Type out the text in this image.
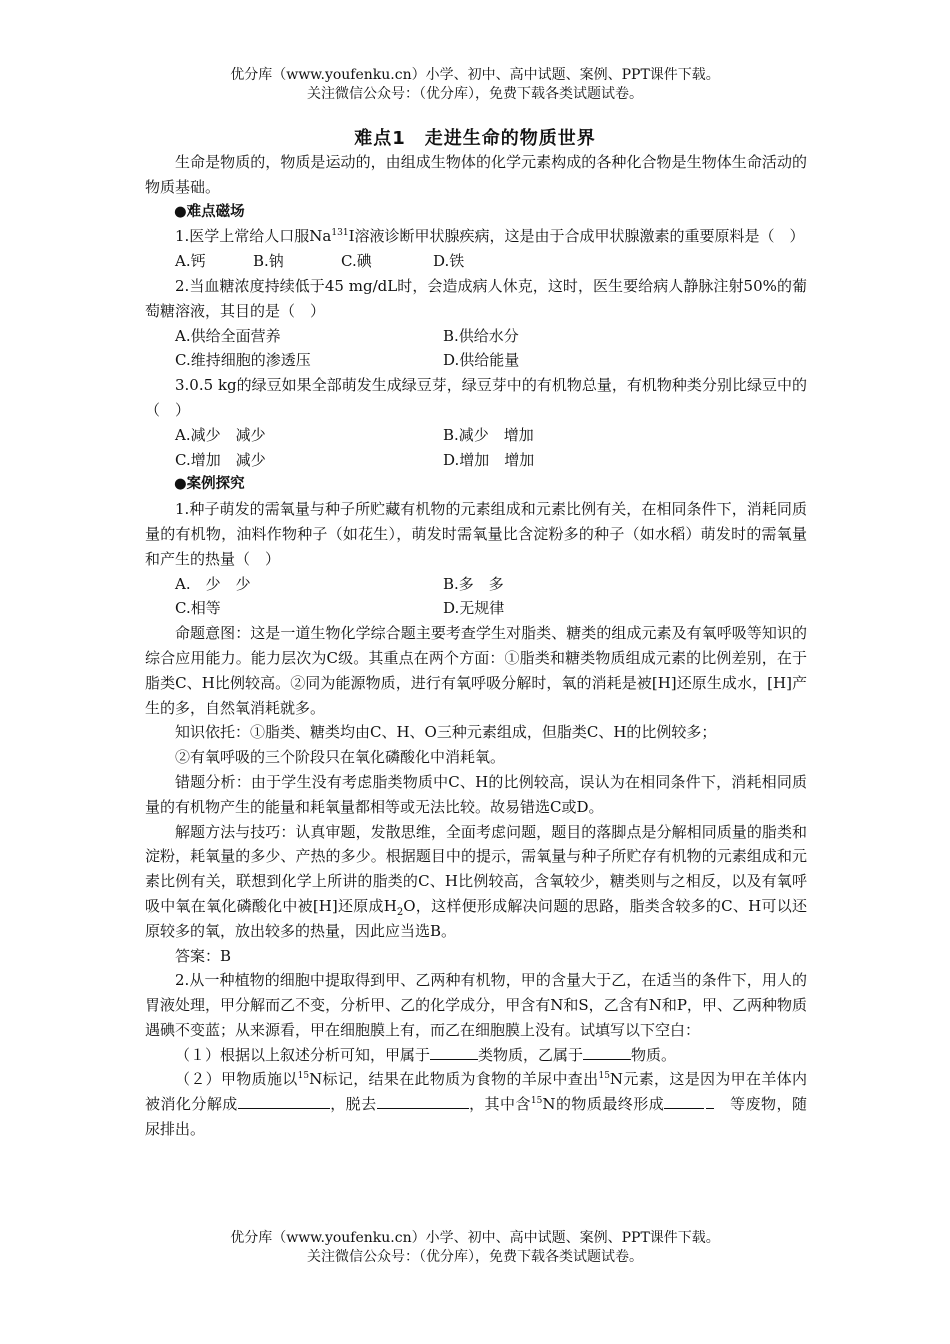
优分库（www.youfenku.cn）小学、初中、高中试题、案例、PPT课件下载。
关注微信公众号：（优分库），免费下载各类试题试卷。
难点1　走进生命的物质世界

生命是物质的，物质是运动的，由组成生物体的化学元素构成的各种化合物是生物体生命活动的物质基础。

●难点磁场

1.医学上常给人口服Na$^{131}$I溶液诊断甲状腺疾病，这是由于合成甲状腺激素的重要原料是（　）

A.钙	B.钠	C.碘	D.铁

2.当血糖浓度持续低于45 mg/dL时，会造成病人休克，这时，医生要给病人静脉注射50%的葡萄糖溶液，其目的是（　）

A.供给全面营养	B.供给水分
C.维持细胞的渗透压	D.供给能量

3.0.5 kg的绿豆如果全部萌发生成绿豆芽，绿豆芽中的有机物总量，有机物种类分别比绿豆中的（　）

A.减少　减少	B.减少　增加
C.增加　减少	D.增加　增加
●案例探究

1.种子萌发的需氧量与种子所贮藏有机物的元素组成和元素比例有关，在相同条件下，消耗同质量的有机物，油料作物种子（如花生），萌发时需氧量比含淀粉多的种子（如水稻）萌发时的需氧量和产生的热量（　）

A.　少　少	B.多　多
C.相等	D.无规律

命题意图：这是一道生物化学综合题主要考查学生对脂类、糖类的组成元素及有氧呼吸等知识的综合应用能力。能力层次为C级。其重点在两个方面：①脂类和糖类物质组成元素的比例差别，在于脂类C、H比例较高。②同为能源物质，进行有氧呼吸分解时，氧的消耗是被[H]还原生成水，[H]产生的多，自然氧消耗就多。

知识依托：①脂类、糖类均由C、H、O三种元素组成，但脂类C、H的比例较多；

②有氧呼吸的三个阶段只在氧化磷酸化中消耗氧。

错题分析：由于学生没有考虑脂类物质中C、H的比例较高，误认为在相同条件下，消耗相同质量的有机物产生的能量和耗氧量都相等或无法比较。故易错选C或D。

解题方法与技巧：认真审题，发散思维，全面考虑问题，题目的落脚点是分解相同质量的脂类和淀粉，耗氧量的多少、产热的多少。根据题目中的提示，需氧量与种子所贮存有机物的元素组成和元素比例有关，联想到化学上所讲的脂类的C、H比例较高，含氧较少，糖类则与之相反，以及有氧呼吸中氧在氧化磷酸化中被[H]还原成$H_2O$，这样便形成解决问题的思路，脂类含较多的C、H可以还原较多的氧，放出较多的热量，因此应当选B。

答案：B

2.从一种植物的细胞中提取得到甲、乙两种有机物，甲的含量大于乙，在适当的条件下，用人的胃液处理，甲分解而乙不变，分析甲、乙的化学成分，甲含有N和S，乙含有N和P，甲、乙两种物质遇碘不变蓝；从来源看，甲在细胞膜上有，而乙在细胞膜上没有。试填写以下空白：

（１）根据以上叙述分析可知，甲属于	类物质，乙属于	物质。

（２）甲物质施以$^{15}$N标记，结果在此物质为食物的羊尿中查出$^{15}$N元素，这是因为甲在羊体内被消化分解成	，脱去	，其中含$^{15}$N的物质最终形成　	等废物，随尿排出。

优分库（www.youfenku.cn）小学、初中、高中试题、案例、PPT课件下载。
关注微信公众号：（优分库），免费下载各类试题试卷。
